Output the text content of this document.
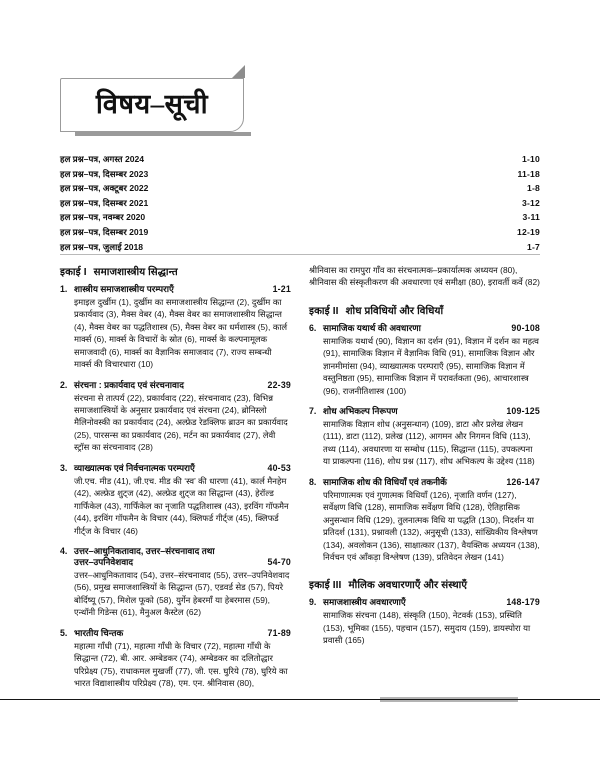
विषय–सूची
हल प्रश्न–पत्र, अगस्त 2024	1-10
हल प्रश्न–पत्र, दिसम्बर 2023	11-18
हल प्रश्न–पत्र, अक्टूबर 2022	1-8
हल प्रश्न–पत्र, दिसम्बर 2021	3-12
हल प्रश्न–पत्र, नवम्बर 2020	3-11
हल प्रश्न–पत्र, दिसम्बर 2019	12-19
हल प्रश्न–पत्र, जुलाई 2018	1-7
इकाई I समाजशास्त्रीय सिद्धान्त
1. शास्त्रीय समाजशास्त्रीय परम्पराएँ	1-21
इमाइल दुर्खीम (1), दुर्खीम का समाजशास्त्रीय सिद्धान्त (2), दुर्खीम का प्रकार्यवाद (3), मैक्स वेबर (4), मैक्स वेबर का समाजशास्त्रीय सिद्धान्त (4), मैक्स वेबर का पद्धतिशास्त्र (5), मैक्स वेबर का धर्मशास्त्र (5), कार्ल मार्क्स (6), मार्क्स के विचारों के स्रोत (6), मार्क्स के कल्पनामूलक समाजवादी (6), मार्क्स का वैज्ञानिक समाजवाद (7), राज्य सम्बन्धी मार्क्स की विचारधारा (10)
2. संरचना : प्रकार्यवाद एवं संरचनावाद	22-39
संरचना से तात्पर्य (22), प्रकार्यवाद (22), संरचनावाद (23), विभिन्न समाजशास्त्रियों के अनुसार प्रकार्यवाद एवं संरचना (24), ब्रोनिस्लो मैलिनोवस्की का प्रकार्यवाद (24), अल्फ्रेड रेडक्लिफ ब्राउन का प्रकार्यवाद (25), पारसन्स का प्रकार्यवाद (26), मर्टन का प्रकार्यवाद (27), लेवी स्ट्रॉस का संरचनावाद (28)
3. व्याख्यात्मक एवं निर्वचनात्मक परम्पराएँ	40-53
जी.एच. मीड (41), जी.एच. मीड की ‘स्व’ की धारणा (41), कार्ल मैनहेम (42), अल्फ्रेड शुट्ज (42), अल्फ्रेड शुट्ज का सिद्धान्त (43), हेरॉल्ड गार्फिंकेल (43), गार्फिंकेल का नृजाति पद्धतिशास्त्र (43), इरविंग गॉफमैन (44), इरविंग गॉफमैन के विचार (44), क्लिफर्ड गीर्ट्ज (45), क्लिफर्ड गीर्ट्ज के विचार (46)
4. उत्तर–आधुनिकतावाद, उत्तर–संरचनावाद तथा
उत्तर–उपनिवेशवाद	54-70
उत्तर–आधुनिकतावाद (54), उत्तर–संरचनावाद (55), उत्तर–उपनिवेशवाद (56), प्रमुख समाजशास्त्रियों के सिद्धान्त (57), एडवर्ड सेड (57), पियरे बोर्दिष्यू (57), मिशेल फूको (58), युर्गेन हेबरमॉं या हेबरमास (59), एन्थॉनी गिडेन्स (61), मैनुअल कैस्टेल (62)
5. भारतीय चिन्तक	71-89
महात्मा गाँधी (71), महात्मा गाँधी के विचार (72), महात्मा गाँधी के सिद्धान्त (72), बी. आर. अम्बेडकर (74), अम्बेडकर का दलितोद्धार परिप्रेक्ष्य (75), राधाकमल मुखर्जी (77), जी. एस. घुरिये (78), घुरिये का भारत विद्याशास्त्रीय परिप्रेक्ष्य (78), एम. एन. श्रीनिवास (80),
श्रीनिवास का रामपुरा गाँव का संरचनात्मक–प्रकार्यात्मक अध्ययन (80), श्रीनिवास की संस्कृतीकरण की अवधारणा एवं समीक्षा (80), इरावर्ती कर्वे (82)
इकाई II शोध प्रविधियों और विधियाँ
6. सामाजिक यथार्थ की अवधारणा	90-108
सामाजिक यथार्थ (90), विज्ञान का दर्शन (91), विज्ञान में दर्शन का महत्व (91), सामाजिक विज्ञान में वैज्ञानिक विधि (91), सामाजिक विज्ञान और ज्ञानमीमांसा (94), व्याख्यात्मक परम्पराएँ (95), सामाजिक विज्ञान में वस्तुनिष्ठता (95), सामाजिक विज्ञान में परावर्तकता (96), आचारशास्त्र (96), राजनीतिशास्त्र (100)
7. शोध अभिकल्प निरूपण	109-125
सामाजिक विज्ञान शोध (अनुसन्धान) (109), डाटा और प्रलेख लेखन (111), डाटा (112), प्रलेख (112), आगमन और निगमन विधि (113), तथ्य (114), अवधारणा या सम्बोध (115), सिद्धान्त (115), उपकल्पना या प्राकल्पना (116), शोध प्रश्न (117), शोध अभिकल्प के उद्देश्य (118)
8. सामाजिक शोध की विधियाँ एवं तकनीकें	126-147
परिमाणात्मक एवं गुणात्मक विधियाँ (126), नृजाति वर्णन (127), सर्वेक्षण विधि (128), सामाजिक सर्वेक्षण विधि (128), ऐतिहासिक अनुसन्धान विधि (129), तुलनात्मक विधि या पद्धति (130), निदर्शन या प्रतिदर्श (131), प्रश्नावली (132), अनुसूची (133), सांख्यिकीय विश्लेषण (134), अवलोकन (136), साक्षात्कार (137), वैयक्तिक अध्ययन (138), निर्वचन एवं आँकड़ा विश्लेषण (139), प्रतिवेदन लेखन (141)
इकाई III मौलिक अवधारणाएँ और संस्थाएँ
9. समाजशास्त्रीय अवधारणाएँ	148-179
सामाजिक संरचना (148), संस्कृति (150), नेटवर्क (153), प्रस्थिति (153), भूमिका (155), पहचान (157), समुदाय (159), डायस्पोरा या प्रवासी (165)
